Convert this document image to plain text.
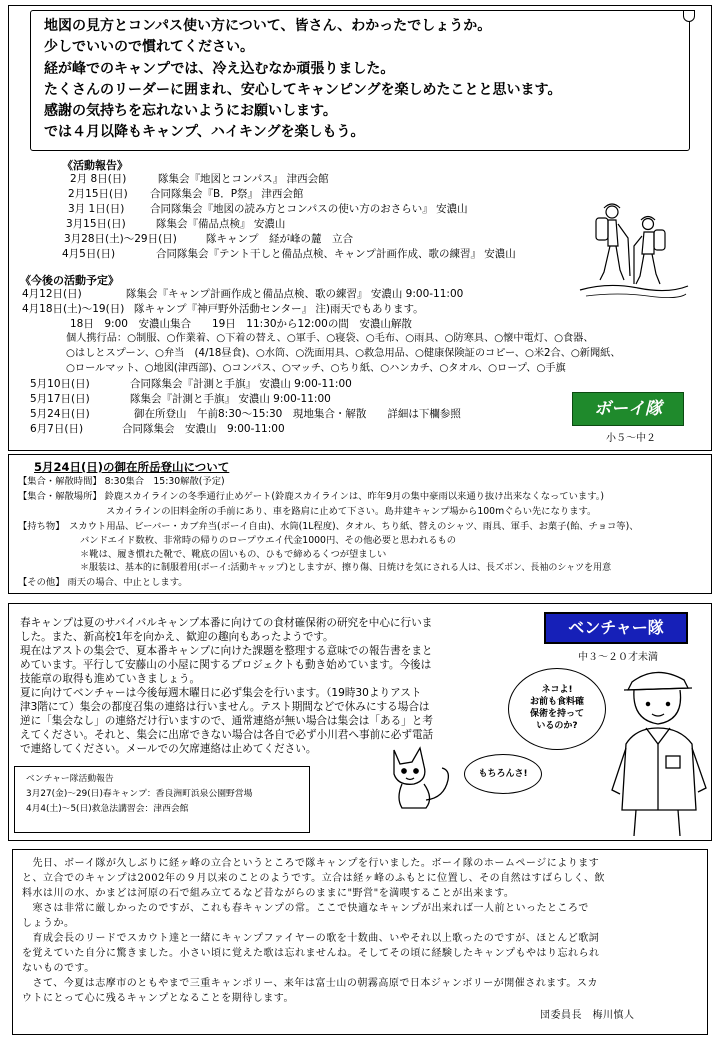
地図の見方とコンパス使い方について、皆さん、わかったでしょうか。
少しでいいので慣れてください。
経が峰でのキャンプでは、冷え込むなか頑張りました。
たくさんのリーダーに囲まれ、安心してキャンピングを楽しめたことと思います。
感謝の気持ちを忘れないようにお願いします。
では４月以降もキャンプ、ハイキングを楽しもう。
《活動報告》
2月 8日(日)	隊集会『地図とコンパス』 津西会館
2月15日(日) 合同隊集会『B．P祭』 津西会館
3月 1日(日) 合同隊集会『地図の読み方とコンパスの使い方のおさらい』 安濃山
3月15日(日)	隊集会『備品点検』 安濃山
3月28日(土)～29日(日)	隊キャンプ　経が峰の麓　立合
4月5日(日)	合同隊集会『テント干しと備品点検、キャンプ計画作成、歌の練習』 安濃山
《今後の活動予定》
4月12日(日)	隊集会『キャンプ計画作成と備品点検、歌の練習』 安濃山 9:00-11:00
4月18日(土)～19(日) 隊キャンプ『神戸野外活動センター』 注)雨天でもあります。
18日　9:00　安濃山集合　　19日　11:30から12:00の間　安濃山解散
個人携行品：○制服、○作業着、○下着の替え、○軍手、○寝袋、○毛布、○雨具、○防寒具、○懐中電灯、○食器、
○はしとスプーン、○弁当　(4/18昼食)、○水筒、○洗面用具、○救急用品、○健康保険証のコピー、○米2合、○新聞紙、
○ロールマット、○地図(津西部)、○コンパス、○マッチ、○ちり紙、○ハンカチ、○タオル、○ロープ、○手旗
5月10日(日)	合同隊集会『計測と手旗』 安濃山 9:00-11:00
5月17日(日)	隊集会『計測と手旗』 安濃山 9:00-11:00
5月24日(日)	御在所登山　午前8:30～15:30　現地集合・解散　　詳細は下欄参照
6月7日(日)	合同隊集会　安濃山　9:00-11:00
ボーイ隊
小５～中２
5月24日(日)の御在所岳登山について
【集合・解散時間】 8:30集合　15:30解散(予定)
【集合・解散場所】 鈴鹿スカイラインの冬季通行止めゲート(鈴鹿スカイラインは、昨年9月の集中豪雨以来通り抜け出来なくなっています。)
スカイラインの旧料金所の手前にあり、車を路肩に止めて下さい。島井建キャンプ場から100mぐらい先になります。
【持ち物】　スカウト用品、ビーバー・カブ弁当(ボーイ自由)、水筒(1L程度)、タオル、ちり紙、替えのシャツ、雨具、軍手、お菓子(飴、チョコ等)、
バンドエイド数枚、非常時の帰りのロープウエイ代金1000円、その他必要と思われるもの
＊靴は、履き慣れた靴で、靴底の固いもの、ひもで締めるくつが望ましい
＊服装は、基本的に制服着用(ボーイ:活動キャップ)としますが、擦り傷、日焼けを気にされる人は、長ズボン、長袖のシャツを用意
【その他】 雨天の場合、中止とします。
春キャンプは夏のサバイバルキャンプ本番に向けての食材確保術の研究を中心に行いま
した。また、新高校1年を向かえ、歓迎の趣向もあったようです。
現在はアストの集会で、夏本番キャンプに向けた課題を整理する意味での報告書をまと
めています。平行して安藤山の小屋に関するプロジェクトも動き始めています。今後は
技能章の取得も進めていきましょう。
夏に向けてベンチャーは今後毎週木曜日に必ず集会を行います。（19時30よりアスト
津3階にて）集会の都度召集の連絡は行いません。テスト期間などで休みにする場合は
逆に「集会なし」の連絡だけ行いますので、通常連絡が無い場合は集会は「ある」と考
えてください。それと、集会に出席できない場合は各自で必ず小川君へ事前に必ず電話
で連絡してください。メールでの欠席連絡は止めてください。
ベンチャー隊
中３～２０才未満
ネコよ!
お前も食料確
保術を持って
いるのか?
もちろんさ!
ベンチャー隊活動報告
3月27(金)～29(日)春キャンプ：香良洲町浜泉公園野営場
4月4(土)～5(日)救急法講習会：津西会館
　先日、ボーイ隊が久しぶりに経ヶ峰の立合というところで隊キャンプを行いました。ボーイ隊のホームページによります
と、立合でのキャンプは2002年の９月以来のことのようです。立合は経ヶ峰のふもとに位置し、その自然はすばらしく、飲
料水は川の水、かまどは河原の石で組み立てるなど昔ながらのままに"野営"を満喫することが出来ます。
　寒さは非常に厳しかったのですが、これも春キャンプの常。ここで快適なキャンプが出来れば一人前といったところで
しょうか。
　育成会長のリードでスカウト達と一緒にキャンプファイヤーの歌を十数曲、いやそれ以上歌ったのですが、ほとんど歌詞
を覚えていた自分に驚きました。小さい頃に覚えた歌は忘れませんね。そしてその頃に経験したキャンプもやはり忘れられ
ないものです。
　さて、今夏は志摩市のともやまで三重キャンポリー、来年は富士山の朝霧高原で日本ジャンボリーが開催されます。スカ
ウトにとって心に残るキャンプとなることを期待します。
団委員長　梅川慎人
